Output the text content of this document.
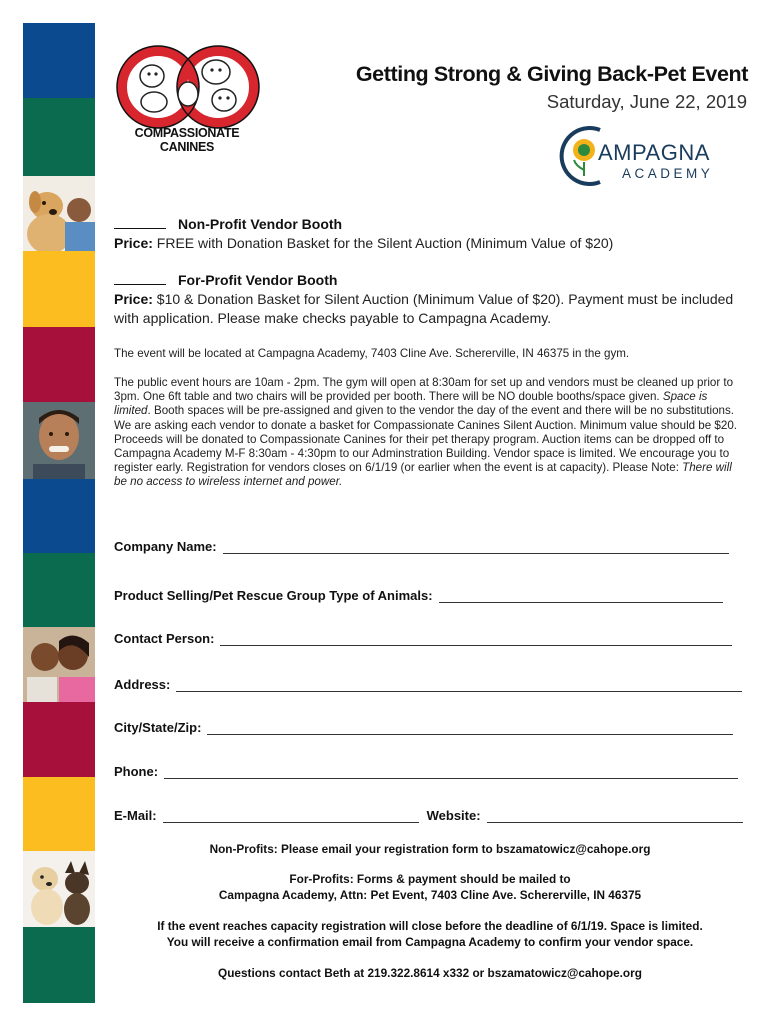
COMPASSIONATE CANINES
Getting Strong & Giving Back-Pet Event
Saturday, June 22, 2019
AMPAGNA
ACADEMY
Non-Profit Vendor Booth
Price: FREE with Donation Basket for the Silent Auction (Minimum Value of $20)
For-Profit Vendor Booth
Price: $10 & Donation Basket for Silent Auction (Minimum Value of $20). Payment must be included with application. Please make checks payable to Campagna Academy.
The event will be located at Campagna Academy, 7403 Cline Ave. Schererville, IN 46375 in the gym.
The public event hours are 10am - 2pm. The gym will open at 8:30am for set up and vendors must be cleaned up prior to 3pm. One 6ft table and two chairs will be provided per booth. There will be NO double booths/space given. Space is limited. Booth spaces will be pre-assigned and given to the vendor the day of the event and there will be no substitutions. We are asking each vendor to donate a basket for Compassionate Canines Silent Auction. Minimum value should be $20. Proceeds will be donated to Compassionate Canines for their pet therapy program. Auction items can be dropped off to Campagna Academy M-F 8:30am - 4:30pm to our Adminstration Building. Vendor space is limited. We encourage you to register early. Registration for vendors closes on 6/1/19 (or earlier when the event is at capacity). Please Note: There will be no access to wireless internet and power.
Company Name:
Product Selling/Pet Rescue Group Type of Animals:
Contact Person:
Address:
City/State/Zip:
Phone:
E-Mail:	Website:
Non-Profits: Please email your registration form to bszamatowicz@cahope.org
For-Profits: Forms & payment should be mailed to
Campagna Academy, Attn: Pet Event, 7403 Cline Ave. Schererville, IN 46375
If the event reaches capacity registration will close before the deadline of 6/1/19. Space is limited.
You will receive a confirmation email from Campagna Academy to confirm your vendor space.
Questions contact Beth at 219.322.8614 x332 or bszamatowicz@cahope.org
